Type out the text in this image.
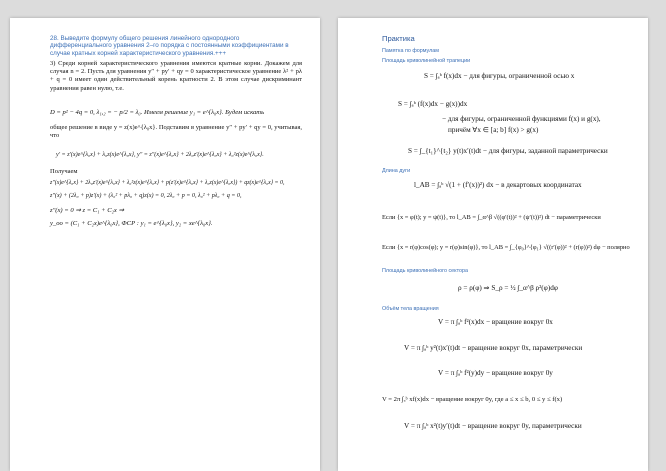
28. Выведите формулу общего решения линейного однородного дифференциального уравнения 2–го порядка с постоянными коэффициентами в случае кратных корней характеристического уравнения.+++
3) Среди корней характеристического уравнения имеются кратные корни. Докажем для случая n = 2. Пусть для уравнения y″ + py′ + qy = 0 характеристическое уравнение λ² + pλ + q = 0 имеет один действительный корень кратности 2. В этом случае дискриминант уравнения равен нулю, т.е.
D = p² − 4q = 0, λ₁,₂ = − p/2 = λ₀. Имеем решение y₁ = e^{λ₀x}. Будем искать
общее решение в виде y = z(x)e^{λ₀x}. Подставим в уравнение y″ + py′ + qy = 0, учитывая, что
y′ = z′(x)e^{λ₀x} + λ₀z(x)e^{λ₀x}, y″ = z″(x)e^{λ₀x} + 2λ₀z′(x)e^{λ₀x} + λ₀²z(x)e^{λ₀x}.
Получаем
z″(x)e^{λ₀x} + 2λ₀z′(x)e^{λ₀x} + λ₀²z(x)e^{λ₀x} + p(z′(x)e^{λ₀x} + λ₀z(x)e^{λ₀x}) + qz(x)e^{λ₀x} = 0,
z″(x) + (2λ₀ + p)z′(x) + (λ₀² + pλ₀ + q)z(x) = 0, 2λ₀ + p = 0, λ₀² + pλ₀ + q = 0,
z″(x) = 0 ⇒ z = C₁ + C₂x ⇒
y_оо = (C₁ + C₂x)e^{λ₀x}, ФСР : y₁ = e^{λ₀x}, y₂ = xe^{λ₀x}.
Практика
Памятка по формулам
Площадь криволинейной трапеции
S = ∫ₐᵇ f(x)dx − для фигуры, ограниченной осью x
S = ∫ₐᵇ (f(x)dx − g(x))dx
− для фигуры, ограниченной функциями f(x) и g(x),
причём ∀x ∈ [a; b] f(x) > g(x)
S = ∫_{t₁}^{t₂} y(t)x′(t)dt − для фигуры, заданной параметрически
Длина дуги
l_AB = ∫ₐᵇ √(1 + (f′(x))²) dx − в декартовых координатах
Если {x = φ(t); y = ψ(t)}, то l_AB = ∫_α^β √((φ′(t))² + (ψ′(t))²) dt − параметрически
Если {x = r(φ)cos(φ); y = r(φ)sin(φ)}, то l_AB = ∫_{φ₀}^{φ₁} √((r′(φ))² + (r(φ))²) dφ − полярно
Площадь криволинейного сектора
ρ = ρ(φ) ⇒ S_ρ = ½ ∫_α^β ρ²(φ)dφ
Объём тела вращения
V = π ∫ₐᵇ f²(x)dx − вращение вокруг 0x
V = π ∫ₐᵇ y²(t)x′(t)dt − вращение вокруг 0x, параметрически
V = π ∫ₐᵇ f²(y)dy − вращение вокруг 0y
V = 2π ∫ₐᵇ xf(x)dx − вращение вокруг 0y, где a ≤ x ≤ b, 0 ≤ y ≤ f(x)
V = π ∫ₐᵇ x²(t)y′(t)dt − вращение вокруг 0y, параметрически
